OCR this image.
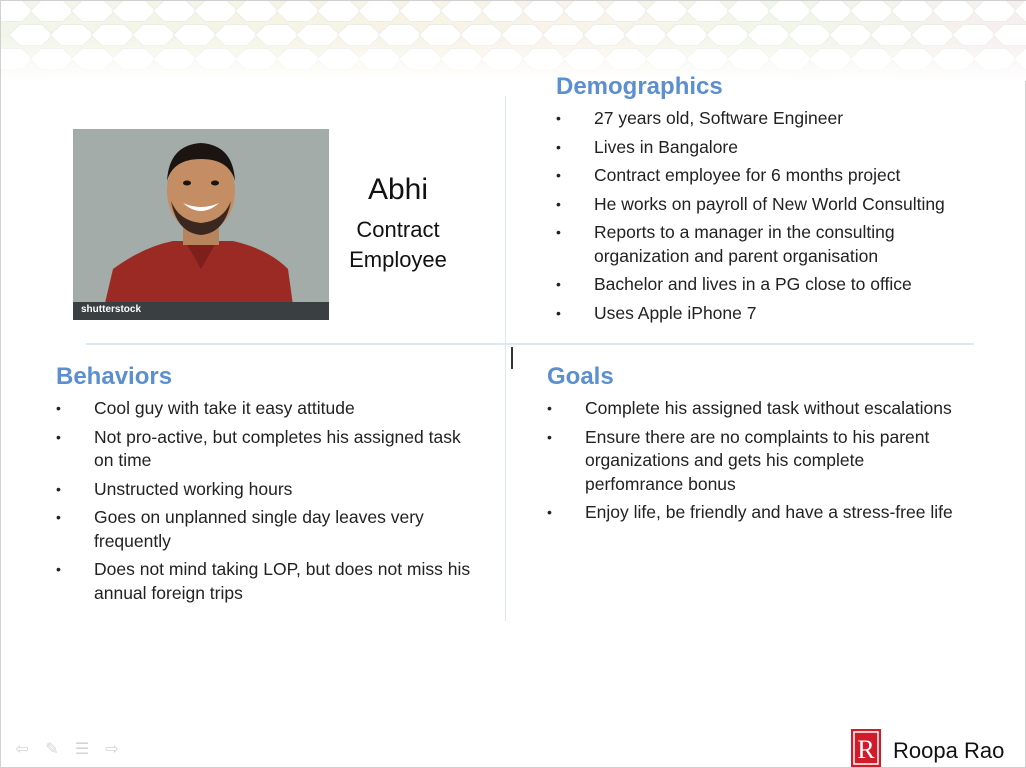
shutterstock
Abhi
Contract
Employee
Demographics
• 27 years old, Software Engineer
• Lives in Bangalore
• Contract employee for 6 months project
• He works on payroll of New World Consulting
• Reports to a manager in the consulting
organization and parent organisation
• Bachelor and lives in a PG close to office
• Uses Apple iPhone 7
Behaviors
• Cool guy with take it easy attitude
• Not pro-active, but completes his assigned task
on time
• Unstructed working hours
• Goes on unplanned single day leaves very
frequently
• Does not mind taking LOP, but does not miss his
annual foreign trips
Goals
• Complete his assigned task without escalations
• Ensure there are no complaints to his parent
organizations and gets his complete
perfomrance bonus
• Enjoy life, be friendly and have a stress-free life
⇦ ✎ ☰ ⇨	R Roopa Rao
